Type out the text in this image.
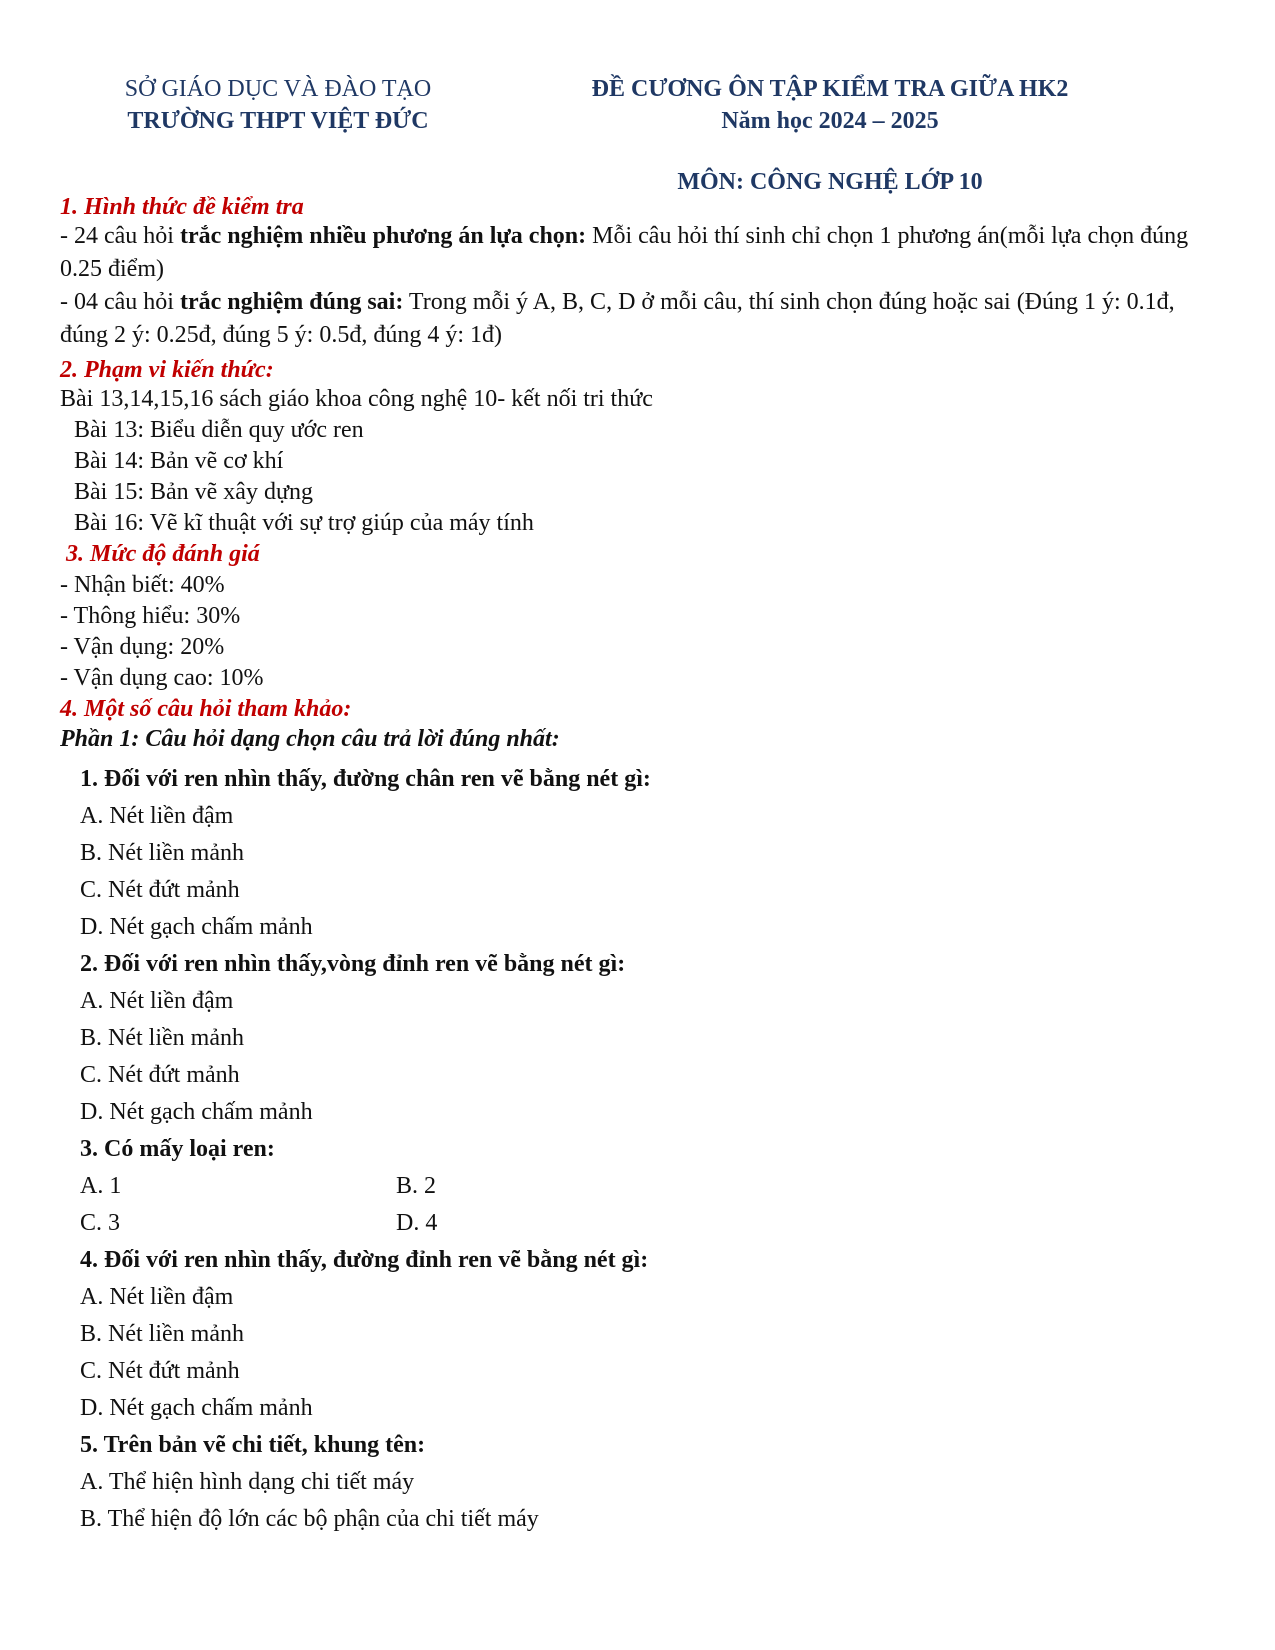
SỞ GIÁO DỤC VÀ ĐÀO TẠO
TRƯỜNG THPT VIỆT ĐỨC
ĐỀ CƯƠNG ÔN TẬP KIỂM TRA GIỮA HK2
Năm học 2024 – 2025
MÔN: CÔNG NGHỆ LỚP 10
1. Hình thức đề kiểm tra
- 24 câu hỏi trắc nghiệm nhiều phương án lựa chọn: Mỗi câu hỏi thí sinh chỉ chọn 1 phương án(mỗi lựa chọn đúng 0.25 điểm)
- 04 câu hỏi trắc nghiệm đúng sai: Trong mỗi ý A, B, C, D ở mỗi câu, thí sinh chọn đúng hoặc sai (Đúng 1 ý: 0.1đ, đúng 2 ý: 0.25đ, đúng 5 ý: 0.5đ, đúng 4 ý: 1đ)
2. Phạm vi kiến thức:
Bài 13,14,15,16 sách giáo khoa công nghệ 10- kết nối tri thức
Bài 13: Biểu diễn quy ước ren
Bài 14: Bản vẽ cơ khí
Bài 15: Bản vẽ xây dựng
Bài 16: Vẽ kĩ thuật với sự trợ giúp của máy tính
3. Mức độ đánh giá
- Nhận biết: 40%
- Thông hiểu: 30%
- Vận dụng: 20%
- Vận dụng cao: 10%
4. Một số câu hỏi tham khảo:
Phần 1: Câu hỏi dạng chọn câu trả lời đúng nhất:
1. Đối với ren nhìn thấy, đường chân ren vẽ bằng nét gì:
A. Nét liền đậm
B. Nét liền mảnh
C. Nét đứt mảnh
D. Nét gạch chấm mảnh
2. Đối với ren nhìn thấy,vòng đỉnh ren vẽ bằng nét gì:
A. Nét liền đậm
B. Nét liền mảnh
C. Nét đứt mảnh
D. Nét gạch chấm mảnh
3. Có mấy loại ren:
A. 1	B. 2
C. 3	D. 4
4. Đối với ren nhìn thấy, đường đỉnh ren vẽ bằng nét gì:
A. Nét liền đậm
B. Nét liền mảnh
C. Nét đứt mảnh
D. Nét gạch chấm mảnh
5. Trên bản vẽ chi tiết, khung tên:
A. Thể hiện hình dạng chi tiết máy
B. Thể hiện độ lớn các bộ phận của chi tiết máy
